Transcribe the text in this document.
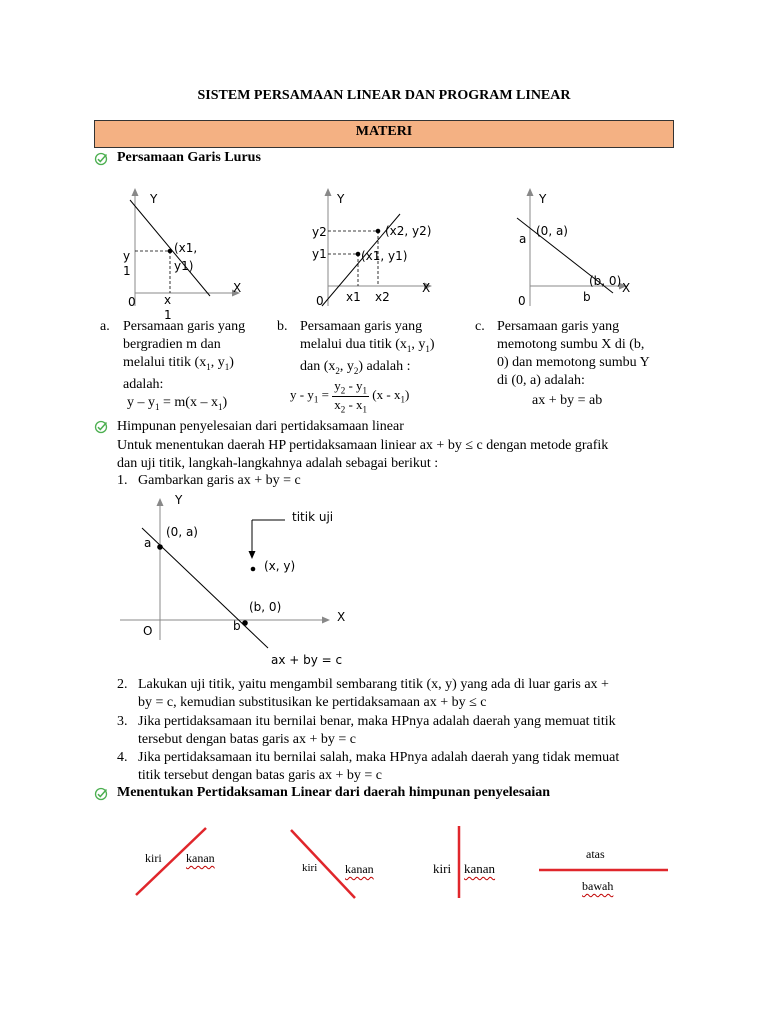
SISTEM PERSAMAAN LINEAR DAN PROGRAM LINEAR
MATERI
Persamaan Garis Lurus
Y
X
0
y
1
x
1
(x1,
y1)
Y
X
0
y2
y1
x1 x2
(x2, y2)
(x1, y1)
Y
X
0
a
(0, a)
b
(b, 0)
a. Persamaan garis yang
bergradien m dan
melalui titik ($x_1$, $y_1$)
adalah:
$y - y_1 = m(x - x_1)$
b. Persamaan garis yang
melalui dua titik ($x_1$, $y_1$)
dan ($x_2$, $y_2$) adalah :
$y - y_1 = \frac{y_2 - y_1}{x_2 - x_1} (x - x_1)$
c. Persamaan garis yang
memotong sumbu X di (b,
0) dan memotong sumbu Y
di (0, a) adalah:
ax + by = ab
Himpunan penyelesaian dari pertidaksamaan linear
Untuk menentukan daerah HP pertidaksamaan liniear ax + by ≤ c dengan metode grafik
dan uji titik, langkah-langkahnya adalah sebagai berikut :
1. Gambarkan garis ax + by = c
Y
X
O
a
(0, a)
b
(b, 0)
titik uji
(x, y)
ax + by = c
2. Lakukan uji titik, yaitu mengambil sembarang titik (x, y) yang ada di luar garis ax +
by = c, kemudian substitusikan ke pertidaksamaan ax + by ≤ c
3. Jika pertidaksamaan itu bernilai benar, maka HPnya adalah daerah yang memuat titik
tersebut dengan batas garis ax + by = c
4. Jika pertidaksamaan itu bernilai salah, maka HPnya adalah daerah yang tidak memuat
titik tersebut dengan batas garis ax + by = c
Menentukan Pertidaksaman Linear dari daerah himpunan penyelesaian
kiri kanan
kiri kanan	kiri kanan
atas
bawah
